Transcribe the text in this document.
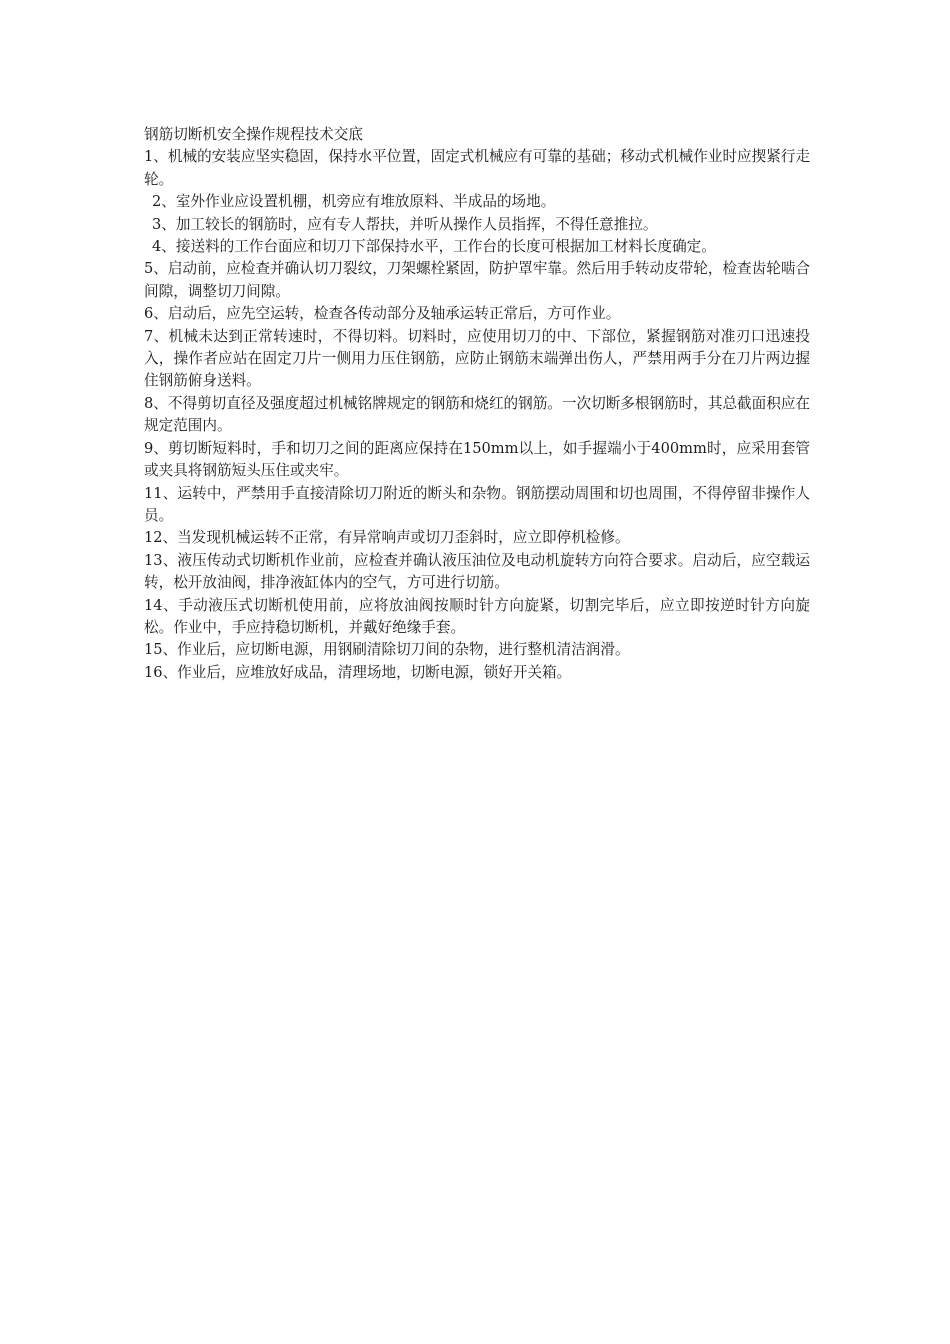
钢筋切断机安全操作规程技术交底

1、机械的安装应坚实稳固，保持水平位置，固定式机械应有可靠的基础；移动式机械作业时应揳紧行走轮。

2、室外作业应设置机棚，机旁应有堆放原料、半成品的场地。

3、加工较长的钢筋时，应有专人帮扶，并听从操作人员指挥，不得任意推拉。

4、接送料的工作台面应和切刀下部保持水平，工作台的长度可根据加工材料长度确定。

5、启动前，应检查并确认切刀裂纹，刀架螺栓紧固，防护罩牢靠。然后用手转动皮带轮，检查齿轮啮合间隙，调整切刀间隙。

6、启动后，应先空运转，检查各传动部分及轴承运转正常后，方可作业。

7、机械未达到正常转速时，不得切料。切料时，应使用切刀的中、下部位，紧握钢筋对准刃口迅速投入，操作者应站在固定刀片一侧用力压住钢筋，应防止钢筋末端弹出伤人，严禁用两手分在刀片两边握住钢筋俯身送料。

8、不得剪切直径及强度超过机械铭牌规定的钢筋和烧红的钢筋。一次切断多根钢筋时，其总截面积应在规定范围内。

9、剪切断短料时，手和切刀之间的距离应保持在150mm以上，如手握端小于400mm时，应采用套管或夹具将钢筋短头压住或夹牢。

11、运转中，严禁用手直接清除切刀附近的断头和杂物。钢筋摆动周围和切也周围，不得停留非操作人员。

12、当发现机械运转不正常，有异常响声或切刀歪斜时，应立即停机检修。

13、液压传动式切断机作业前，应检查并确认液压油位及电动机旋转方向符合要求。启动后，应空载运转，松开放油阀，排净液缸体内的空气，方可进行切筋。

14、手动液压式切断机使用前，应将放油阀按顺时针方向旋紧，切割完毕后，应立即按逆时针方向旋松。作业中，手应持稳切断机，并戴好绝缘手套。

15、作业后，应切断电源，用钢刷清除切刀间的杂物，进行整机清洁润滑。

16、作业后，应堆放好成品，清理场地，切断电源，锁好开关箱。
